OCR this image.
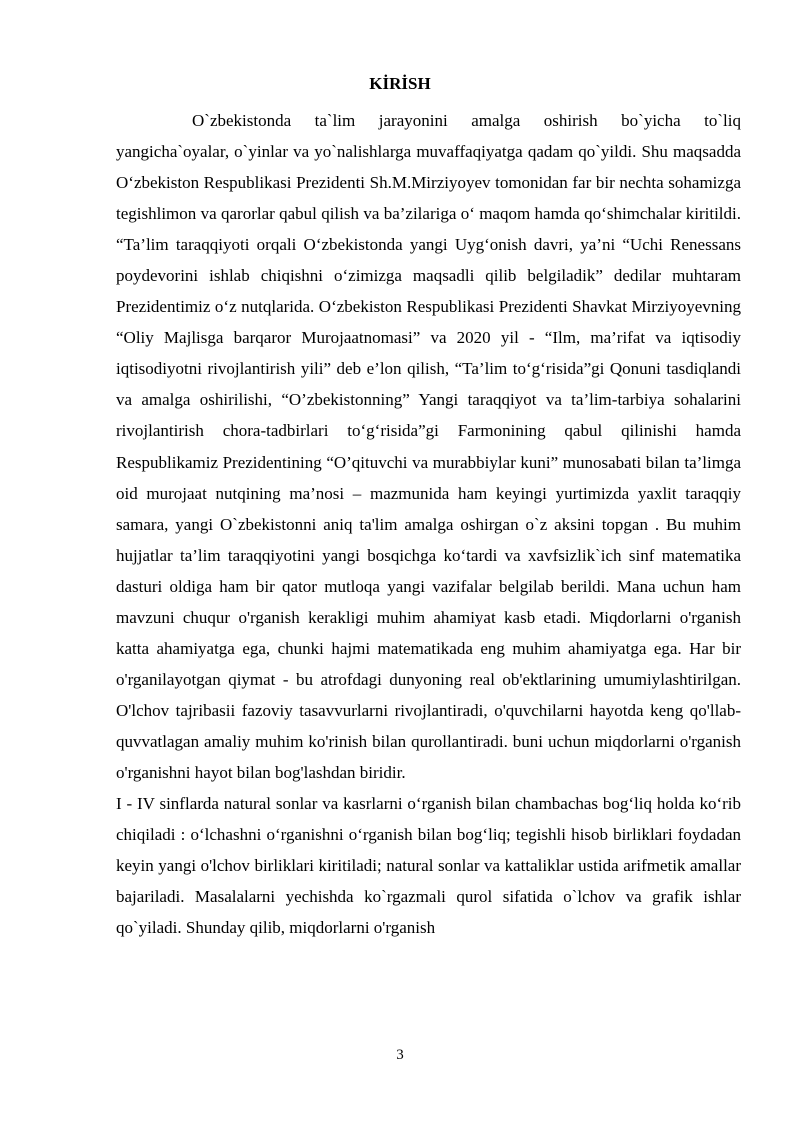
KİRİSH

O`zbekistonda ta`lim jarayonini amalga oshirish bo`yicha to`liq yangicha`oyalar, o`yinlar va yo`nalishlarga muvaffaqiyatga qadam qo`yildi. Shu maqsadda O‘zbekiston Respublikasi Prezidenti Sh.M.Mirziyoyev tomonidan far bir nechta sohamizga tegishlimon va qarorlar qabul qilish va ba’zilariga o‘ maqom hamda qo‘shimchalar kiritildi. “Ta’lim taraqqiyoti orqali O‘zbekistonda yangi Uyg‘onish davri, ya’ni “Uchi Renessans poydevorini ishlab chiqishni o‘zimizga maqsadli qilib belgiladik” dedilar muhtaram Prezidentimiz o‘z nutqlarida. O‘zbekiston Respublikasi Prezidenti Shavkat Mirziyoyevning “Oliy Majlisga barqaror Murojaatnomasi” va 2020 yil - “Ilm, ma’rifat va iqtisodiy iqtisodiyotni rivojlantirish yili” deb e’lon qilish, “Ta’lim to‘g‘risida”gi Qonuni tasdiqlandi va amalga oshirilishi, “O’zbekistonning” Yangi taraqqiyot va ta’lim-tarbiya sohalarini rivojlantirish chora-tadbirlari to‘g‘risida”gi Farmonining qabul qilinishi hamda Respublikamiz Prezidentining “O’qituvchi va murabbiylar kuni” munosabati bilan ta’limga oid murojaat nutqining ma’nosi – mazmunida ham keyingi yurtimizda yaxlit taraqqiy samara, yangi O`zbekistonni aniq ta'lim amalga oshirgan o`z aksini topgan . Bu muhim hujjatlar ta’lim taraqqiyotini yangi bosqichga ko‘tardi va xavfsizlik`ich sinf matematika dasturi oldiga ham bir qator mutloqa yangi vazifalar belgilab berildi. Mana uchun ham mavzuni chuqur o'rganish kerakligi muhim ahamiyat kasb etadi. Miqdorlarni o'rganish katta ahamiyatga ega, chunki hajmi matematikada eng muhim ahamiyatga ega. Har bir o'rganilayotgan qiymat - bu atrofdagi dunyoning real ob'ektlarining umumiylashtirilgan. O'lchov tajribasii fazoviy tasavvurlarni rivojlantiradi, o'quvchilarni hayotda keng qo'llab-quvvatlagan amaliy muhim ko'rinish bilan qurollantiradi. buni uchun miqdorlarni o'rganish o'rganishni hayot bilan bog'lashdan biridir.

I - IV sinflarda natural sonlar va kasrlarni o‘rganish bilan chambachas bog‘liq holda ko‘rib chiqiladi : o‘lchashni o‘rganishni o‘rganish bilan bog‘liq; tegishli hisob birliklari foydadan keyin yangi o'lchov birliklari kiritiladi; natural sonlar va kattaliklar ustida arifmetik amallar bajariladi. Masalalarni yechishda ko`rgazmali qurol sifatida o`lchov va grafik ishlar qo`yiladi. Shunday qilib, miqdorlarni o'rganish

3
